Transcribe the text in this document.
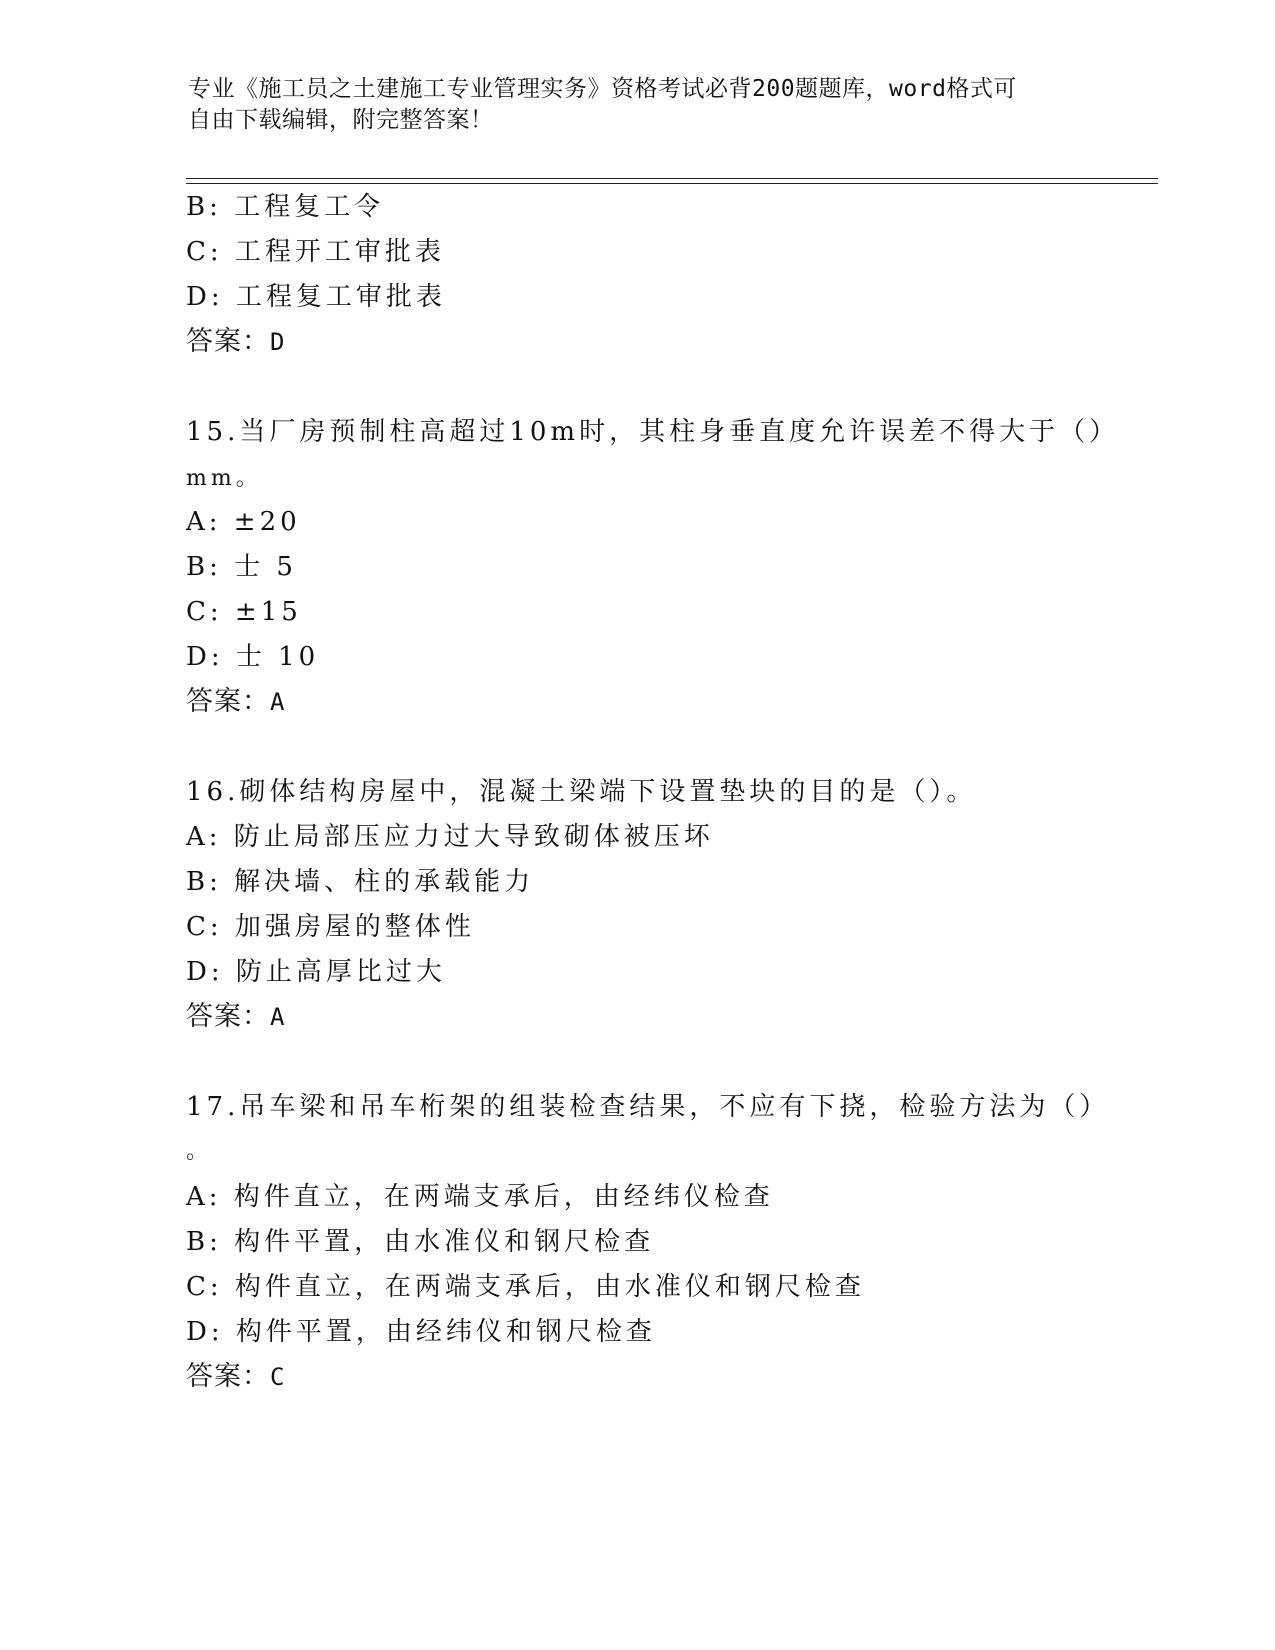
专业《施工员之土建施工专业管理实务》资格考试必背200题题库，word格式可
自由下载编辑，附完整答案！
B: 工程复工令
C: 工程开工审批表
D: 工程复工审批表
答案：D
15.当厂房预制柱高超过10m时，其柱身垂直度允许误差不得大于（）
mm。
A: ±20
B: 士 5
C: ±15
D: 士 10
答案：A
16.砌体结构房屋中，混凝土梁端下设置垫块的目的是（）。
A: 防止局部压应力过大导致砌体被压坏
B: 解决墙、柱的承载能力
C: 加强房屋的整体性
D: 防止高厚比过大
答案：A
17.吊车梁和吊车桁架的组装检查结果，不应有下挠，检验方法为（）
。
A: 构件直立，在两端支承后，由经纬仪检查
B: 构件平置，由水准仪和钢尺检查
C: 构件直立，在两端支承后，由水准仪和钢尺检查
D: 构件平置，由经纬仪和钢尺检查
答案：C
